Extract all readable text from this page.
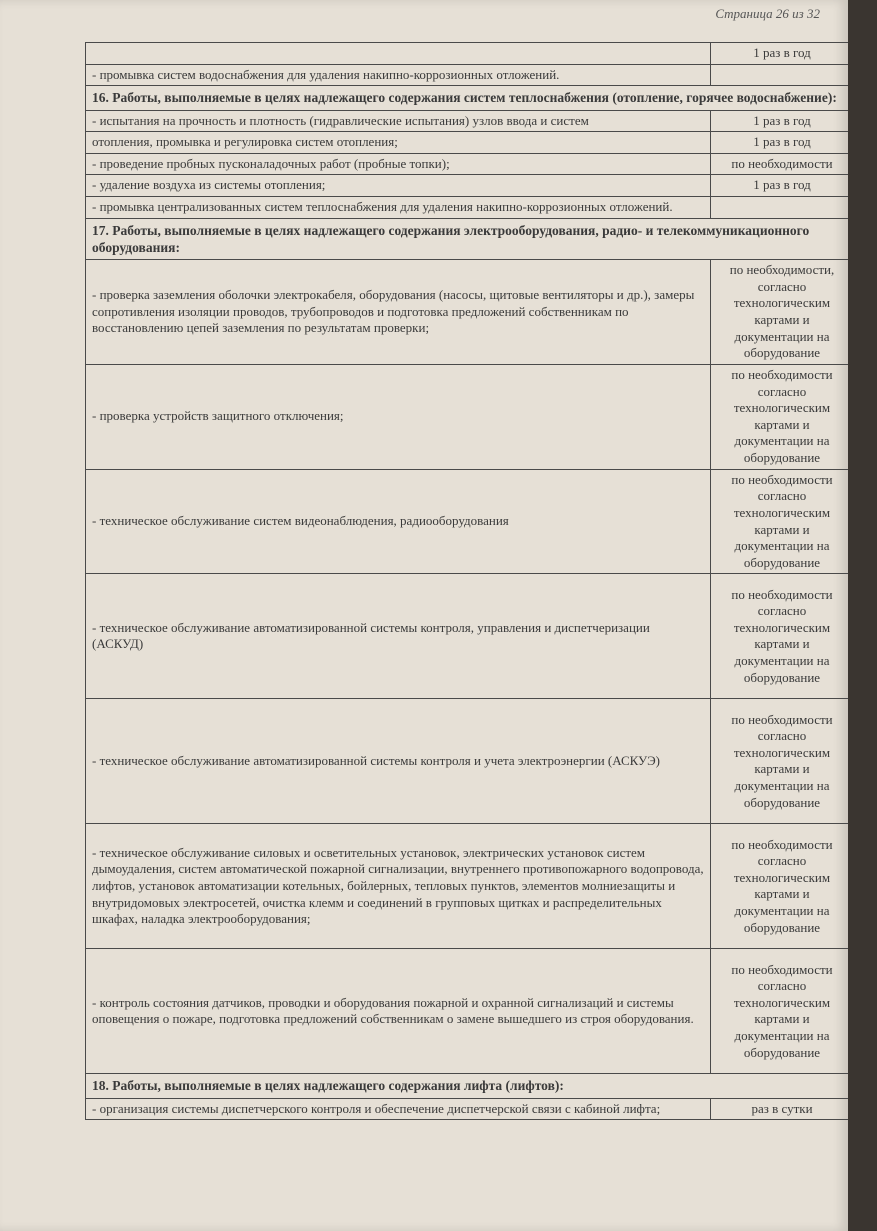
Страница 26 из 32
	1 раз в год
- промывка систем водоснабжения для удаления накипно-коррозионных отложений.	
16. Работы, выполняемые в целях надлежащего содержания систем теплоснабжения (отопление, горячее водоснабжение):	
- испытания на прочность и плотность (гидравлические испытания) узлов ввода и систем	1 раз в год
отопления, промывка и регулировка систем отопления;	1 раз в год
- проведение пробных пусконаладочных работ (пробные топки);	по необходимости
- удаление воздуха из системы отопления;	1 раз в год
- промывка централизованных систем теплоснабжения для удаления накипно-коррозионных отложений.	
17. Работы, выполняемые в целях надлежащего содержания электрооборудования, радио- и телекоммуникационного оборудования:	
- проверка заземления оболочки электрокабеля, оборудования (насосы, щитовые вентиляторы и др.), замеры сопротивления изоляции проводов, трубопроводов и подготовка предложений собственникам по восстановлению цепей заземления по результатам проверки;	по необходимости, согласно технологическим картами и документации на оборудование
- проверка устройств защитного отключения;	по необходимости согласно технологическим картами и документации на оборудование
- техническое обслуживание систем видеонаблюдения, радиооборудования	по необходимости согласно технологическим картами и документации на оборудование
- техническое обслуживание автоматизированной системы контроля, управления и диспетчеризации (АСКУД)	по необходимости согласно технологическим картами и документации на оборудование
- техническое обслуживание автоматизированной системы контроля и учета электроэнергии (АСКУЭ)	по необходимости согласно технологическим картами и документации на оборудование
- техническое обслуживание силовых и осветительных установок, электрических установок систем дымоудаления, систем автоматической пожарной сигнализации, внутреннего противопожарного водопровода, лифтов, установок автоматизации котельных, бойлерных, тепловых пунктов, элементов молниезащиты и внутридомовых электросетей, очистка клемм и соединений в групповых щитках и распределительных шкафах, наладка электрооборудования;	по необходимости согласно технологическим картами и документации на оборудование
- контроль состояния датчиков, проводки и оборудования пожарной и охранной сигнализаций и системы оповещения о пожаре, подготовка предложений собственникам о замене вышедшего из строя оборудования.	по необходимости согласно технологическим картами и документации на оборудование
18. Работы, выполняемые в целях надлежащего содержания лифта (лифтов):	
- организация системы диспетчерского контроля и обеспечение диспетчерской связи с кабиной лифта;	раз в сутки
